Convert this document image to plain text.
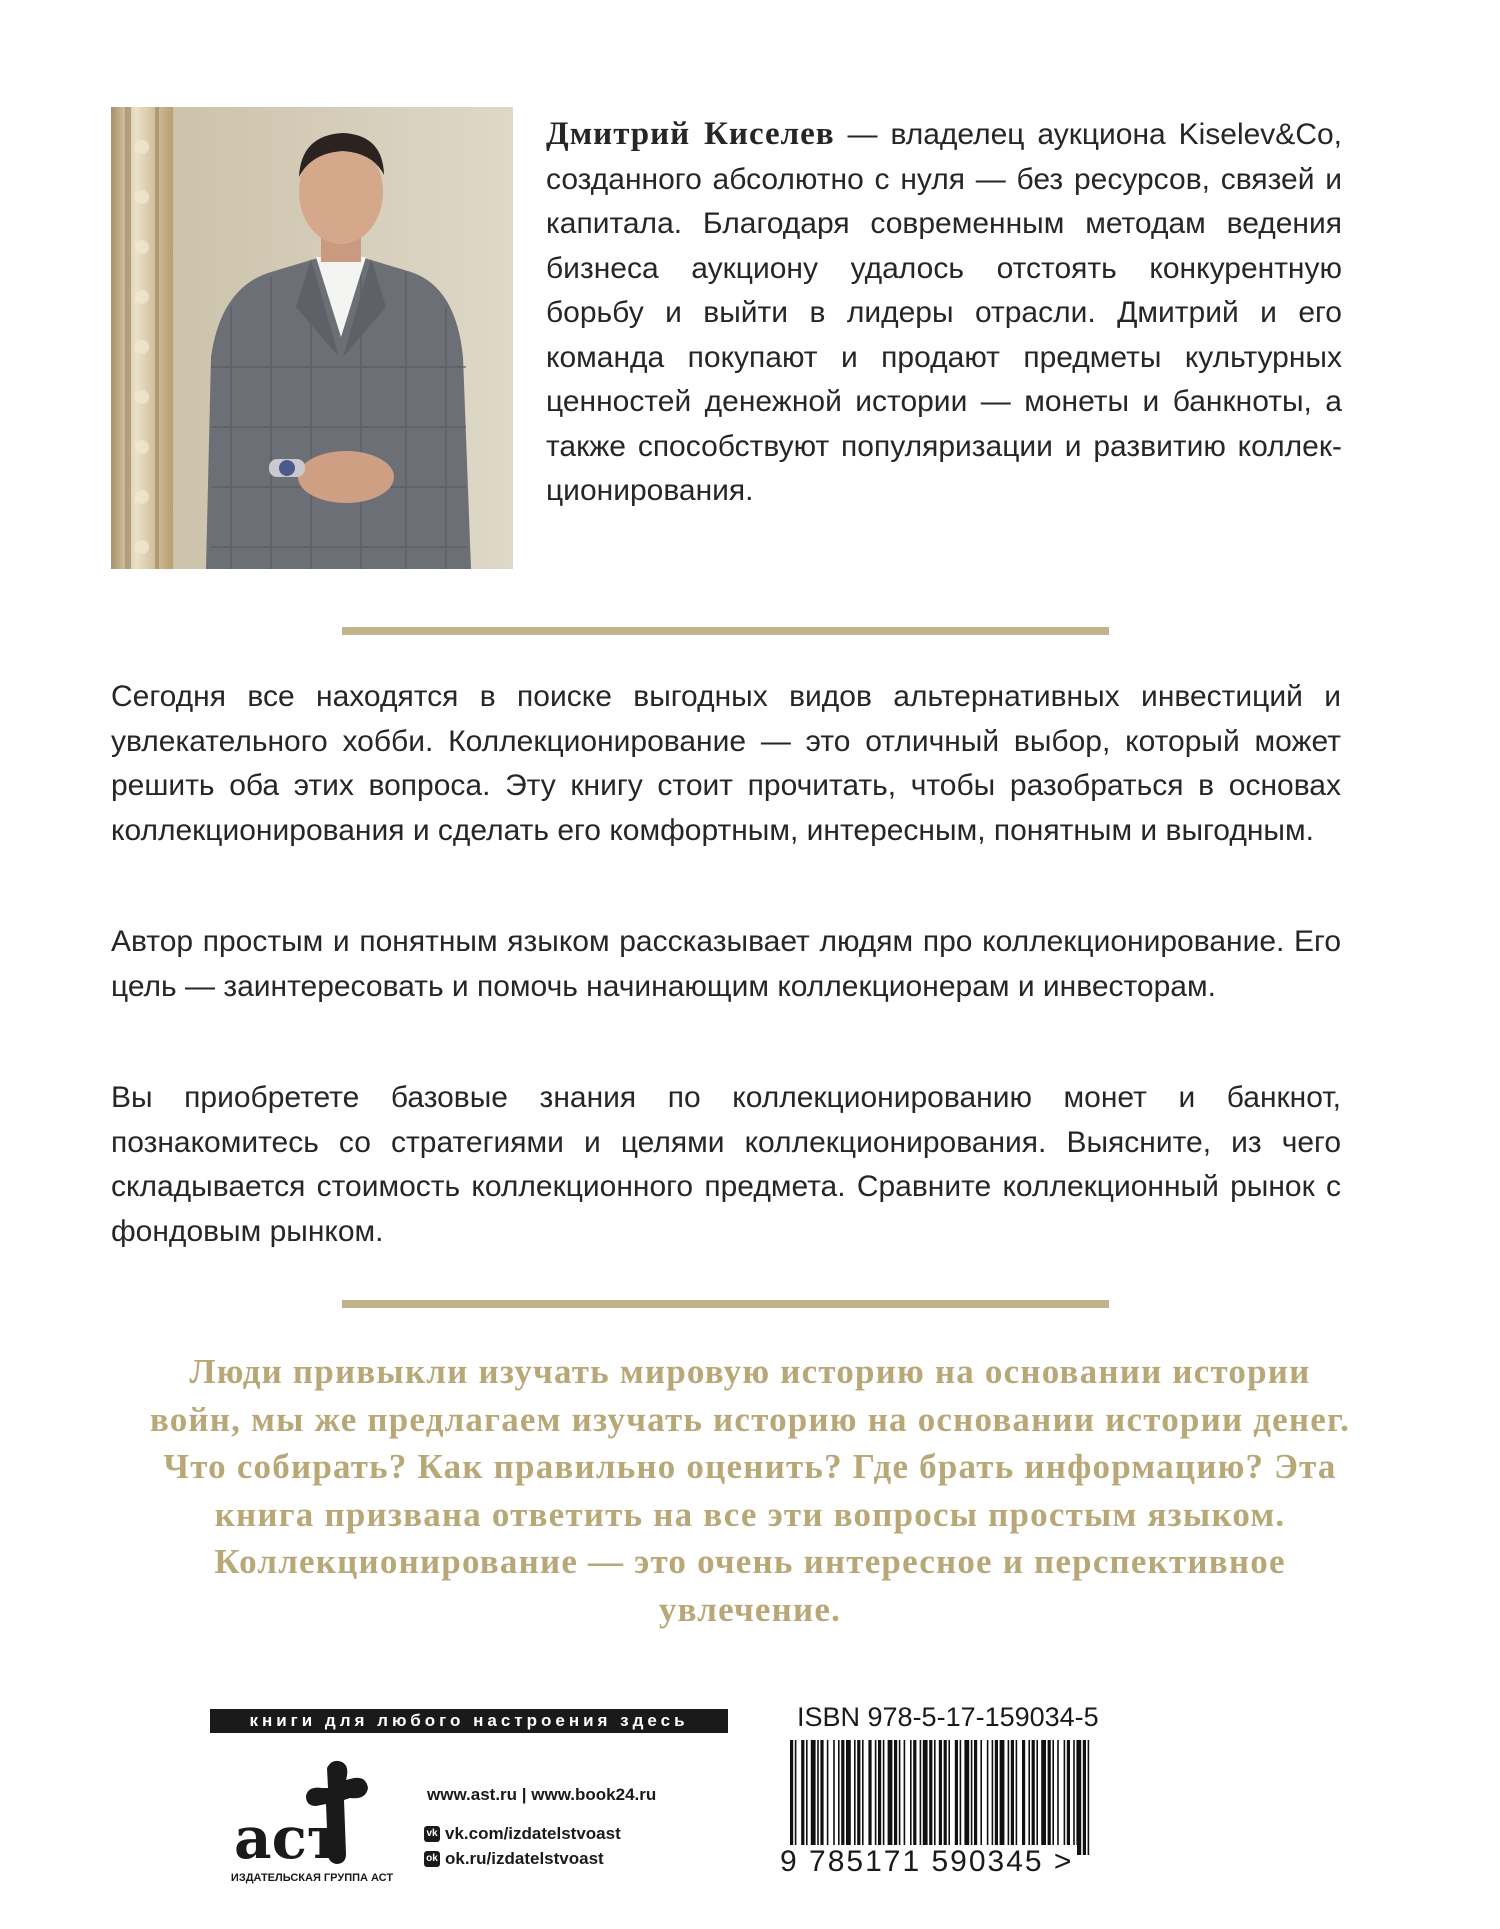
Дмитрий Киселев — владелец аукциона Kiselev&Co, созданного абсолютно с нуля — без ресурсов, связей и капитала. Благодаря современным методам ведения бизнеса аукциону удалось отстоять конкурентную борьбу и выйти в лидеры отрасли. Дмитрий и его команда покупают и продают предметы культурных ценностей денежной истории — монеты и банкноты, а также способствуют популяризации и развитию коллекционирования.

Сегодня все находятся в поиске выгодных видов альтернативных инвестиций и увлекательного хобби. Коллекционирование — это отличный выбор, который может решить оба этих вопроса. Эту книгу стоит прочитать, чтобы разобраться в основах коллекционирования и сделать его комфортным, интересным, понятным и выгодным.

Автор простым и понятным языком рассказывает людям про коллекционирование. Его цель — заинтересовать и помочь начинающим коллекционерам и инвесторам.

Вы приобретете базовые знания по коллекционированию монет и банкнот, познакомитесь со стратегиями и целями коллекционирования. Выясните, из чего складывается стоимость коллекционного предмета. Сравните коллекционный рынок с фондовым рынком.

Люди привыкли изучать мировую историю на основании истории войн, мы же предлагаем изучать историю на основании истории денег. Что собирать? Как правильно оценить? Где брать информацию? Эта книга призвана ответить на все эти вопросы простым языком. Коллекционирование — это очень интересное и перспективное увлечение.

книги для любого настроения здесь
аст
ИЗДАТЕЛЬСКАЯ ГРУППА АСТ
www.ast.ru | www.book24.ru
vk vk.com/izdatelstvoast
ok ok.ru/izdatelstvoast
ISBN 978-5-17-159034-5
9 785171 590345 >
